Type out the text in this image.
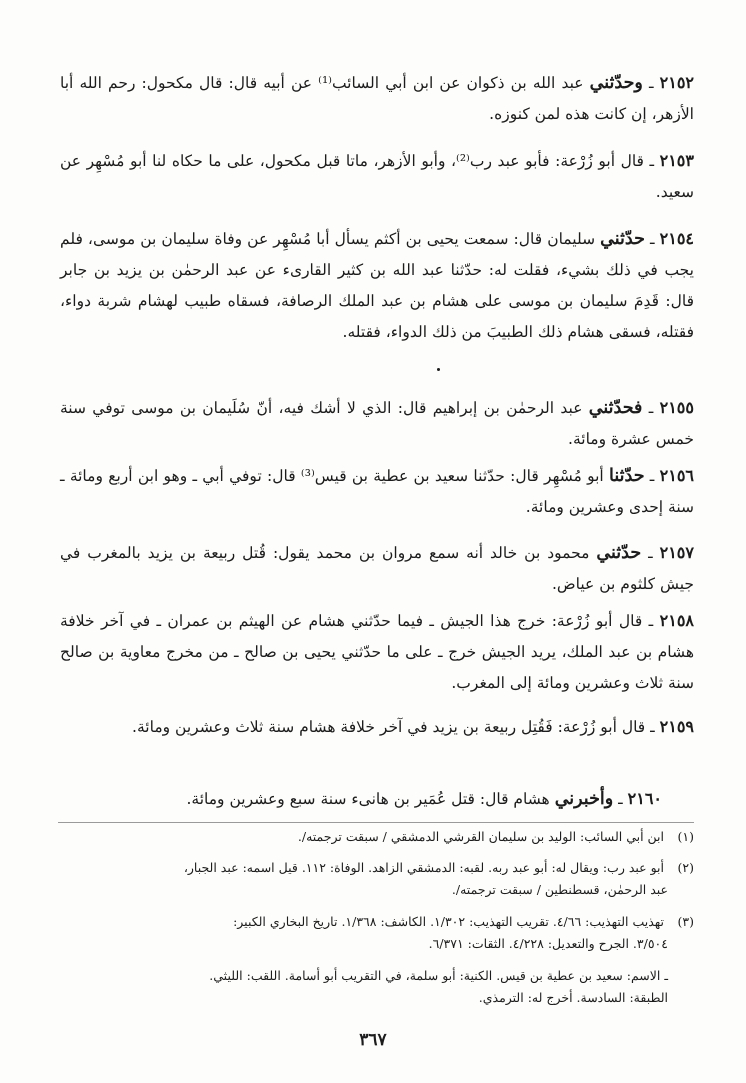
٢١٥٢ ـ وحدّثني عبد الله بن ذكوان عن ابن أبي السائب⁽¹⁾ عن أبيه قال: قال مكحول: رحم الله أبا الأزهر، إن كانت هذه لمن كنوزه.
٢١٥٣ ـ قال أبو زُرْعة: فأبو عبد رب⁽²⁾، وأبو الأزهر، ماتا قبل مكحول، على ما حكاه لنا أبو مُسْهِر عن سعيد.
٢١٥٤ ـ حدّثني سليمان قال: سمعت يحيى بن أكثم يسأل أبا مُسْهِر عن وفاة سليمان بن موسى، فلم يجب في ذلك بشيء، فقلت له: حدّثنا عبد الله بن كثير القارىء عن عبد الرحمٰن بن يزيد بن جابر قال: قَدِمَ سليمان بن موسى على هشام بن عبد الملك الرصافة، فسقاه طبيب لهشام شربة دواء، فقتله، فسقى هشام ذلك الطبيبَ من ذلك الدواء، فقتله.
٢١٥٥ ـ فحدّثني عبد الرحمٰن بن إبراهيم قال: الذي لا أشك فيه، أنّ سُلَيمان بن موسى توفي سنة خمس عشرة ومائة.
٢١٥٦ ـ حدّثنا أبو مُسْهِر قال: حدّثنا سعيد بن عطية بن قيس⁽³⁾ قال: توفي أبي ـ وهو ابن أربع ومائة ـ سنة إحدى وعشرين ومائة.
٢١٥٧ ـ حدّثني محمود بن خالد أنه سمع مروان بن محمد يقول: قُتل ربيعة بن يزيد بالمغرب في جيش كلثوم بن عياض.
٢١٥٨ ـ قال أبو زُرْعة: خرج هذا الجيش ـ فيما حدّثني هشام عن الهيثم بن عمران ـ في آخر خلافة هشام بن عبد الملك، يريد الجيش خرج ـ على ما حدّثني يحيى بن صالح ـ من مخرج معاوية بن صالح سنة ثلاث وعشرين ومائة إلى المغرب.
٢١٥٩ ـ قال أبو زُرْعة: فَقُتِل ربيعة بن يزيد في آخر خلافة هشام سنة ثلاث وعشرين ومائة.
٢١٦٠ ـ وأخبرني هشام قال: قتل عُمَير بن هانىء سنة سبع وعشرين ومائة.
(١) ابن أبي السائب: الوليد بن سليمان القرشي الدمشقي / سبقت ترجمته/.
(٢) أبو عبد رب: ويقال له: أبو عبد ربه. لقبه: الدمشقي الزاهد. الوفاة: ١١٢. قيل اسمه: عبد الجبار،
عبد الرحمٰن، قسطنطين / سبقت ترجمته/.
(٣) تهذيب التهذيب: ٤/٦٦. تقريب التهذيب: ١/٣٠٢. الكاشف: ١/٣٦٨. تاريخ البخاري الكبير:
٣/٥٠٤. الجرح والتعديل: ٤/٢٢٨. الثقات: ٦/٣٧١.
ـ الاسم: سعيد بن عطية بن قيس. الكنية: أبو سلمة، في التقريب أبو أسامة. اللقب: الليثي.
الطبقة: السادسة. أخرج له: الترمذي.
٣٦٧
